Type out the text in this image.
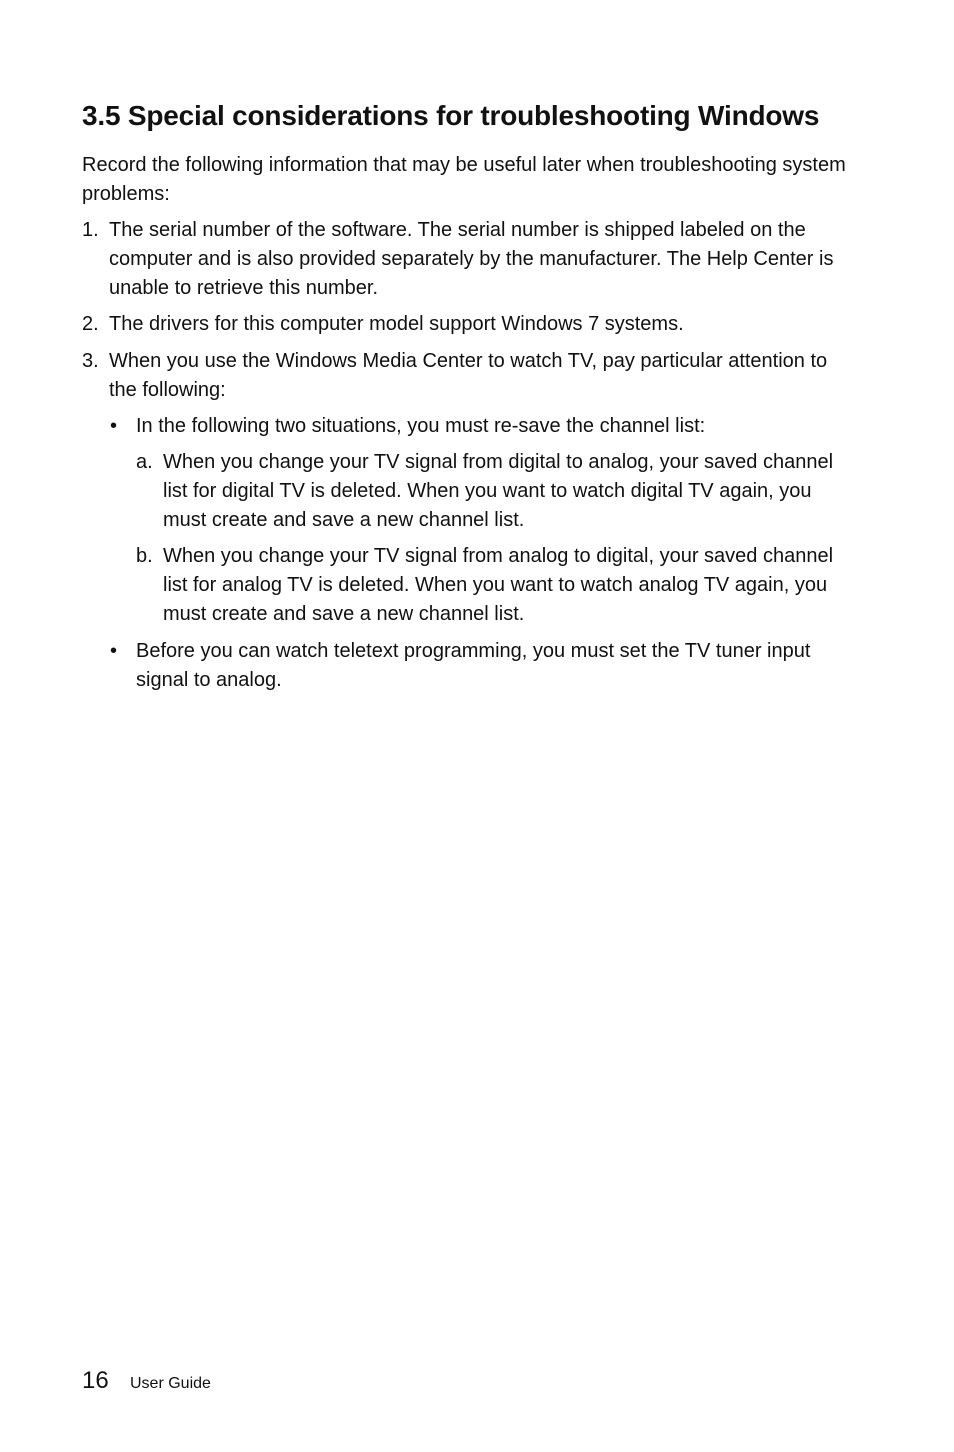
3.5 Special considerations for troubleshooting Windows

Record the following information that may be useful later when troubleshooting system problems:

1. The serial number of the software. The serial number is shipped labeled on the computer and is also provided separately by the manufacturer. The Help Center is unable to retrieve this number.
2. The drivers for this computer model support Windows 7 systems.
3. When you use the Windows Media Center to watch TV, pay particular attention to the following:
• In the following two situations, you must re-save the channel list:
a. When you change your TV signal from digital to analog, your saved channel list for digital TV is deleted. When you want to watch digital TV again, you must create and save a new channel list.
b. When you change your TV signal from analog to digital, your saved channel list for analog TV is deleted. When you want to watch analog TV again, you must create and save a new channel list.
• Before you can watch teletext programming, you must set the TV tuner input signal to analog.
16 User Guide
